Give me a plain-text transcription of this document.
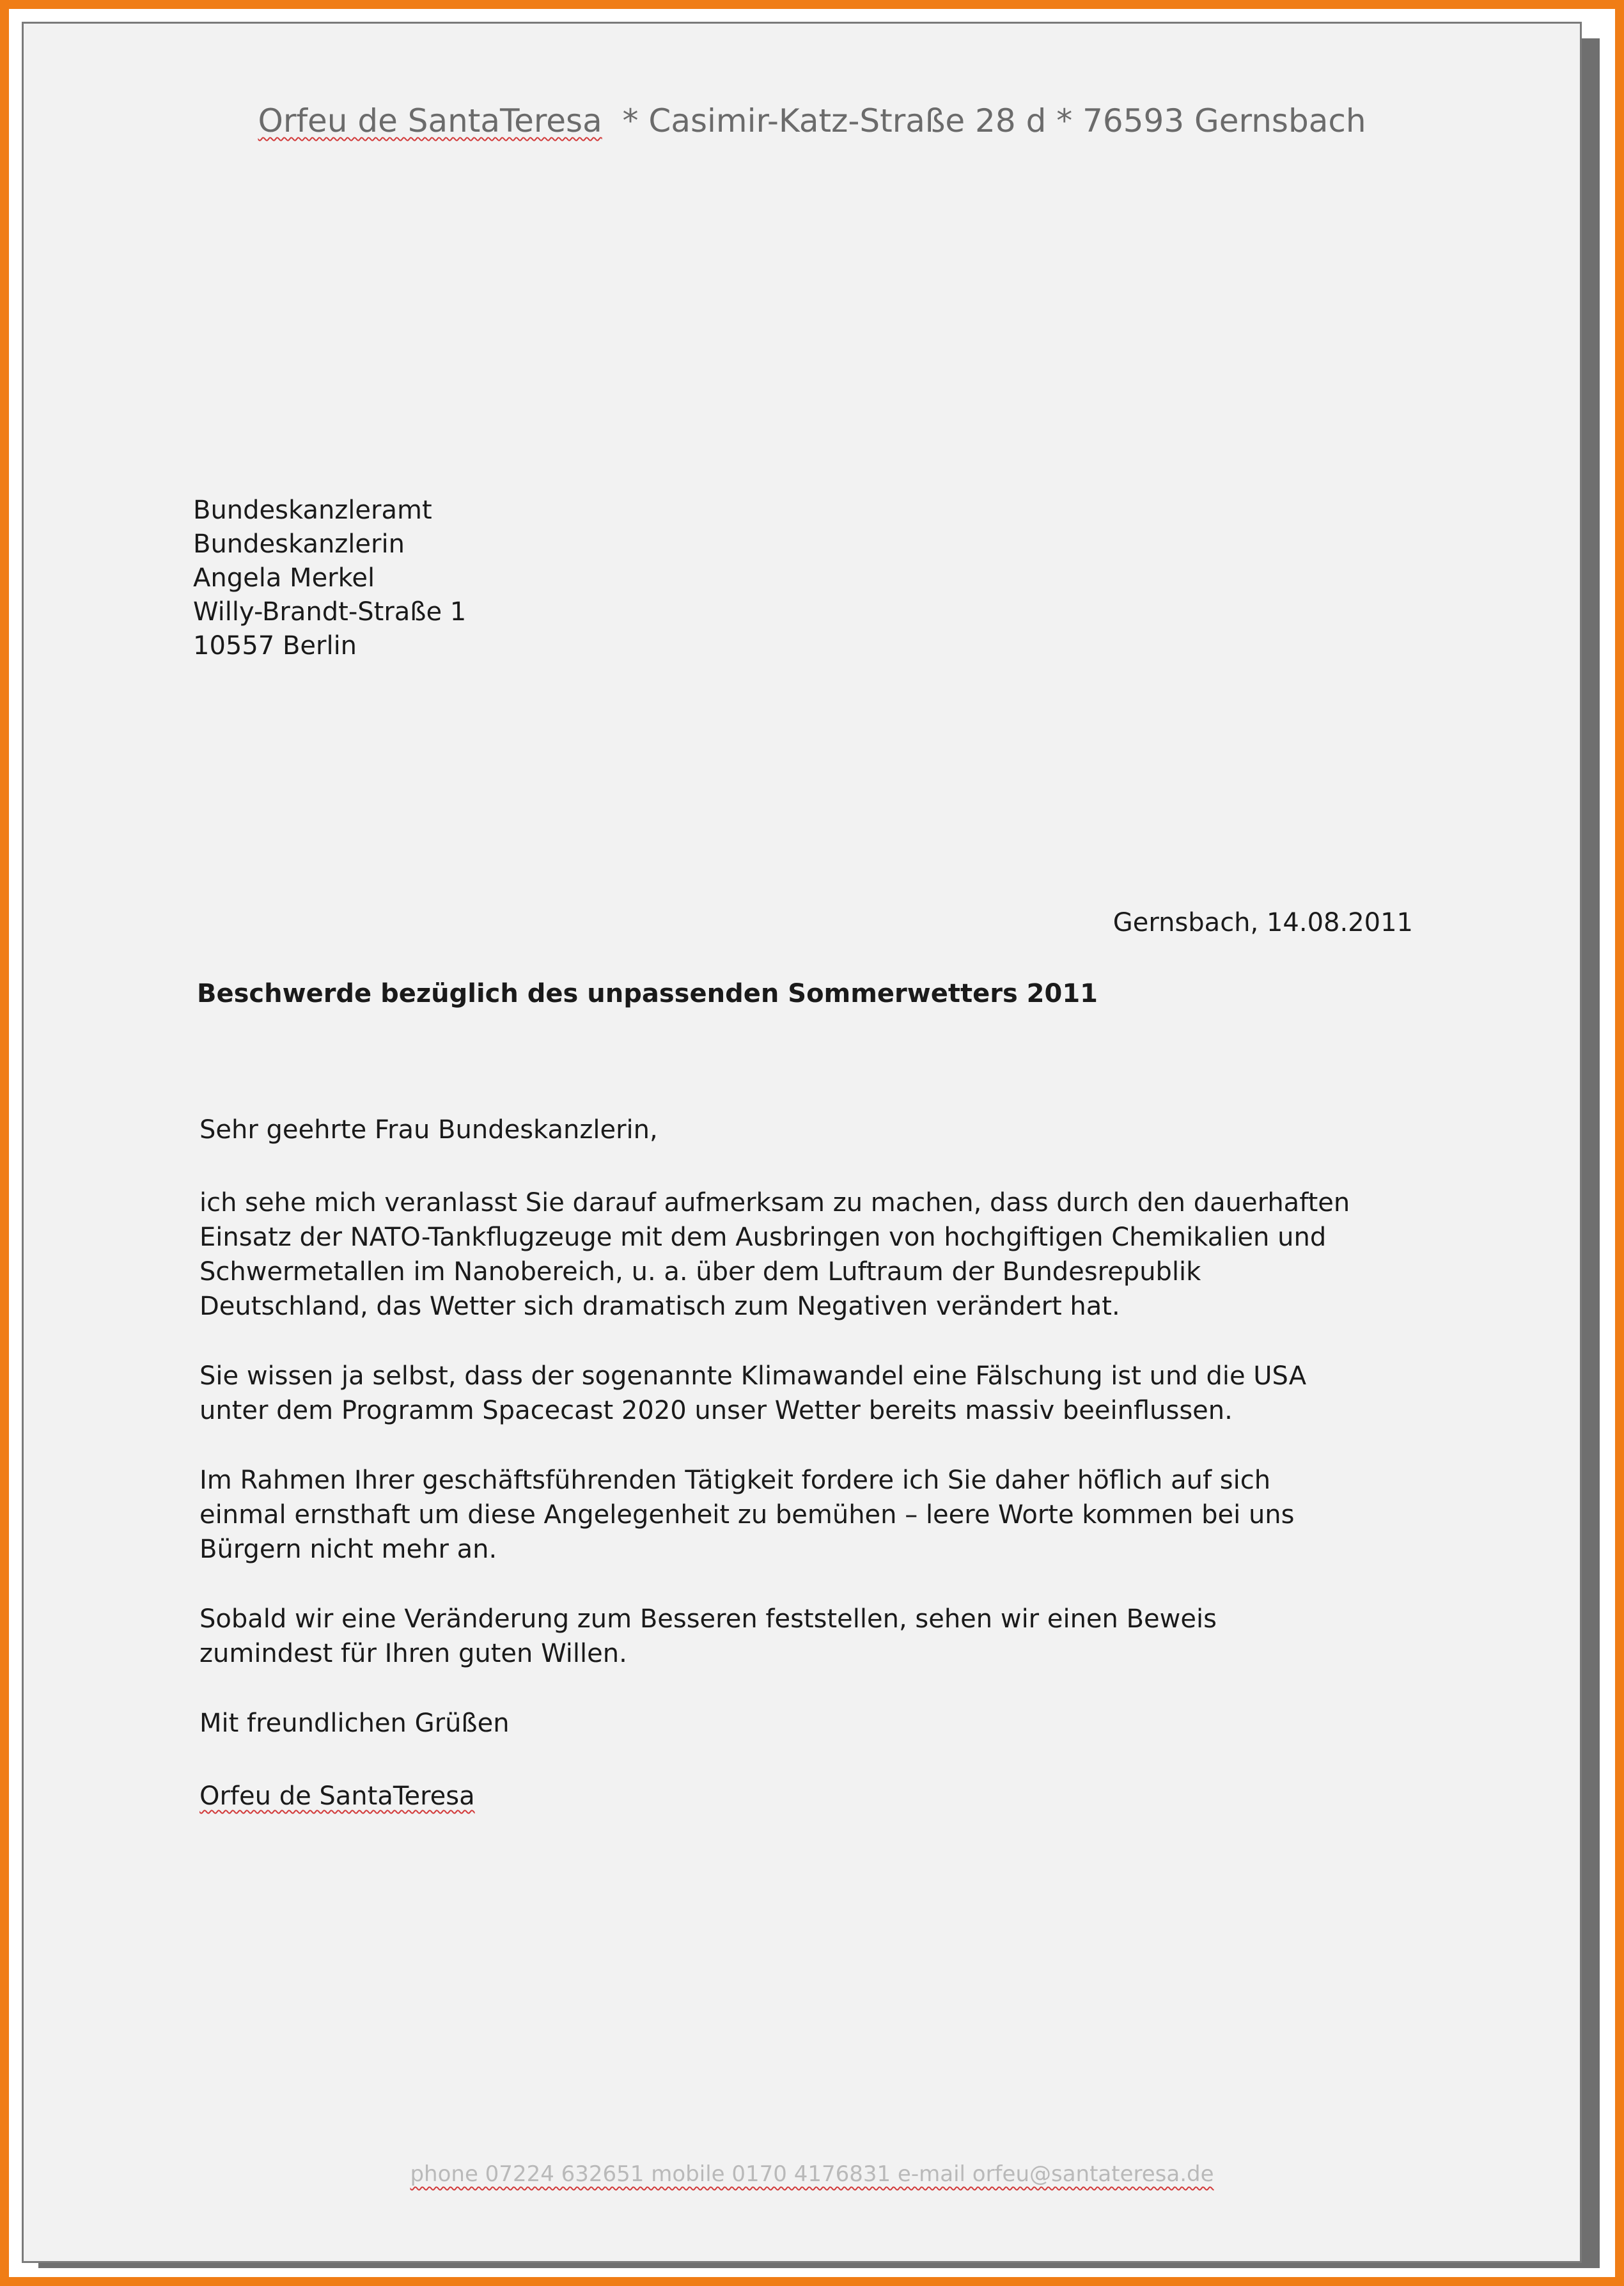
Orfeu de SantaTeresa  * Casimir-Katz-Straße 28 d * 76593 Gernsbach
Bundeskanzleramt
Bundeskanzlerin
Angela Merkel
Willy-Brandt-Straße 1
10557 Berlin
Gernsbach, 14.08.2011
Beschwerde bezüglich des unpassenden Sommerwetters 2011

Sehr geehrte Frau Bundeskanzlerin,

ich sehe mich veranlasst Sie darauf aufmerksam zu machen, dass durch den dauerhaften

Einsatz der NATO-Tankflugzeuge mit dem Ausbringen von hochgiftigen Chemikalien und

Schwermetallen im Nanobereich, u. a. über dem Luftraum der Bundesrepublik

Deutschland, das Wetter sich dramatisch zum Negativen verändert hat.

Sie wissen ja selbst, dass der sogenannte Klimawandel eine Fälschung ist und die USA

unter dem Programm Spacecast 2020 unser Wetter bereits massiv beeinflussen.

Im Rahmen Ihrer geschäftsführenden Tätigkeit fordere ich Sie daher höflich auf sich

einmal ernsthaft um diese Angelegenheit zu bemühen – leere Worte kommen bei uns

Bürgern nicht mehr an.

Sobald wir eine Veränderung zum Besseren feststellen, sehen wir einen Beweis

zumindest für Ihren guten Willen.

Mit freundlichen Grüßen

Orfeu de SantaTeresa

phone 07224 632651 mobile 0170 4176831 e-mail orfeu@santateresa.de
